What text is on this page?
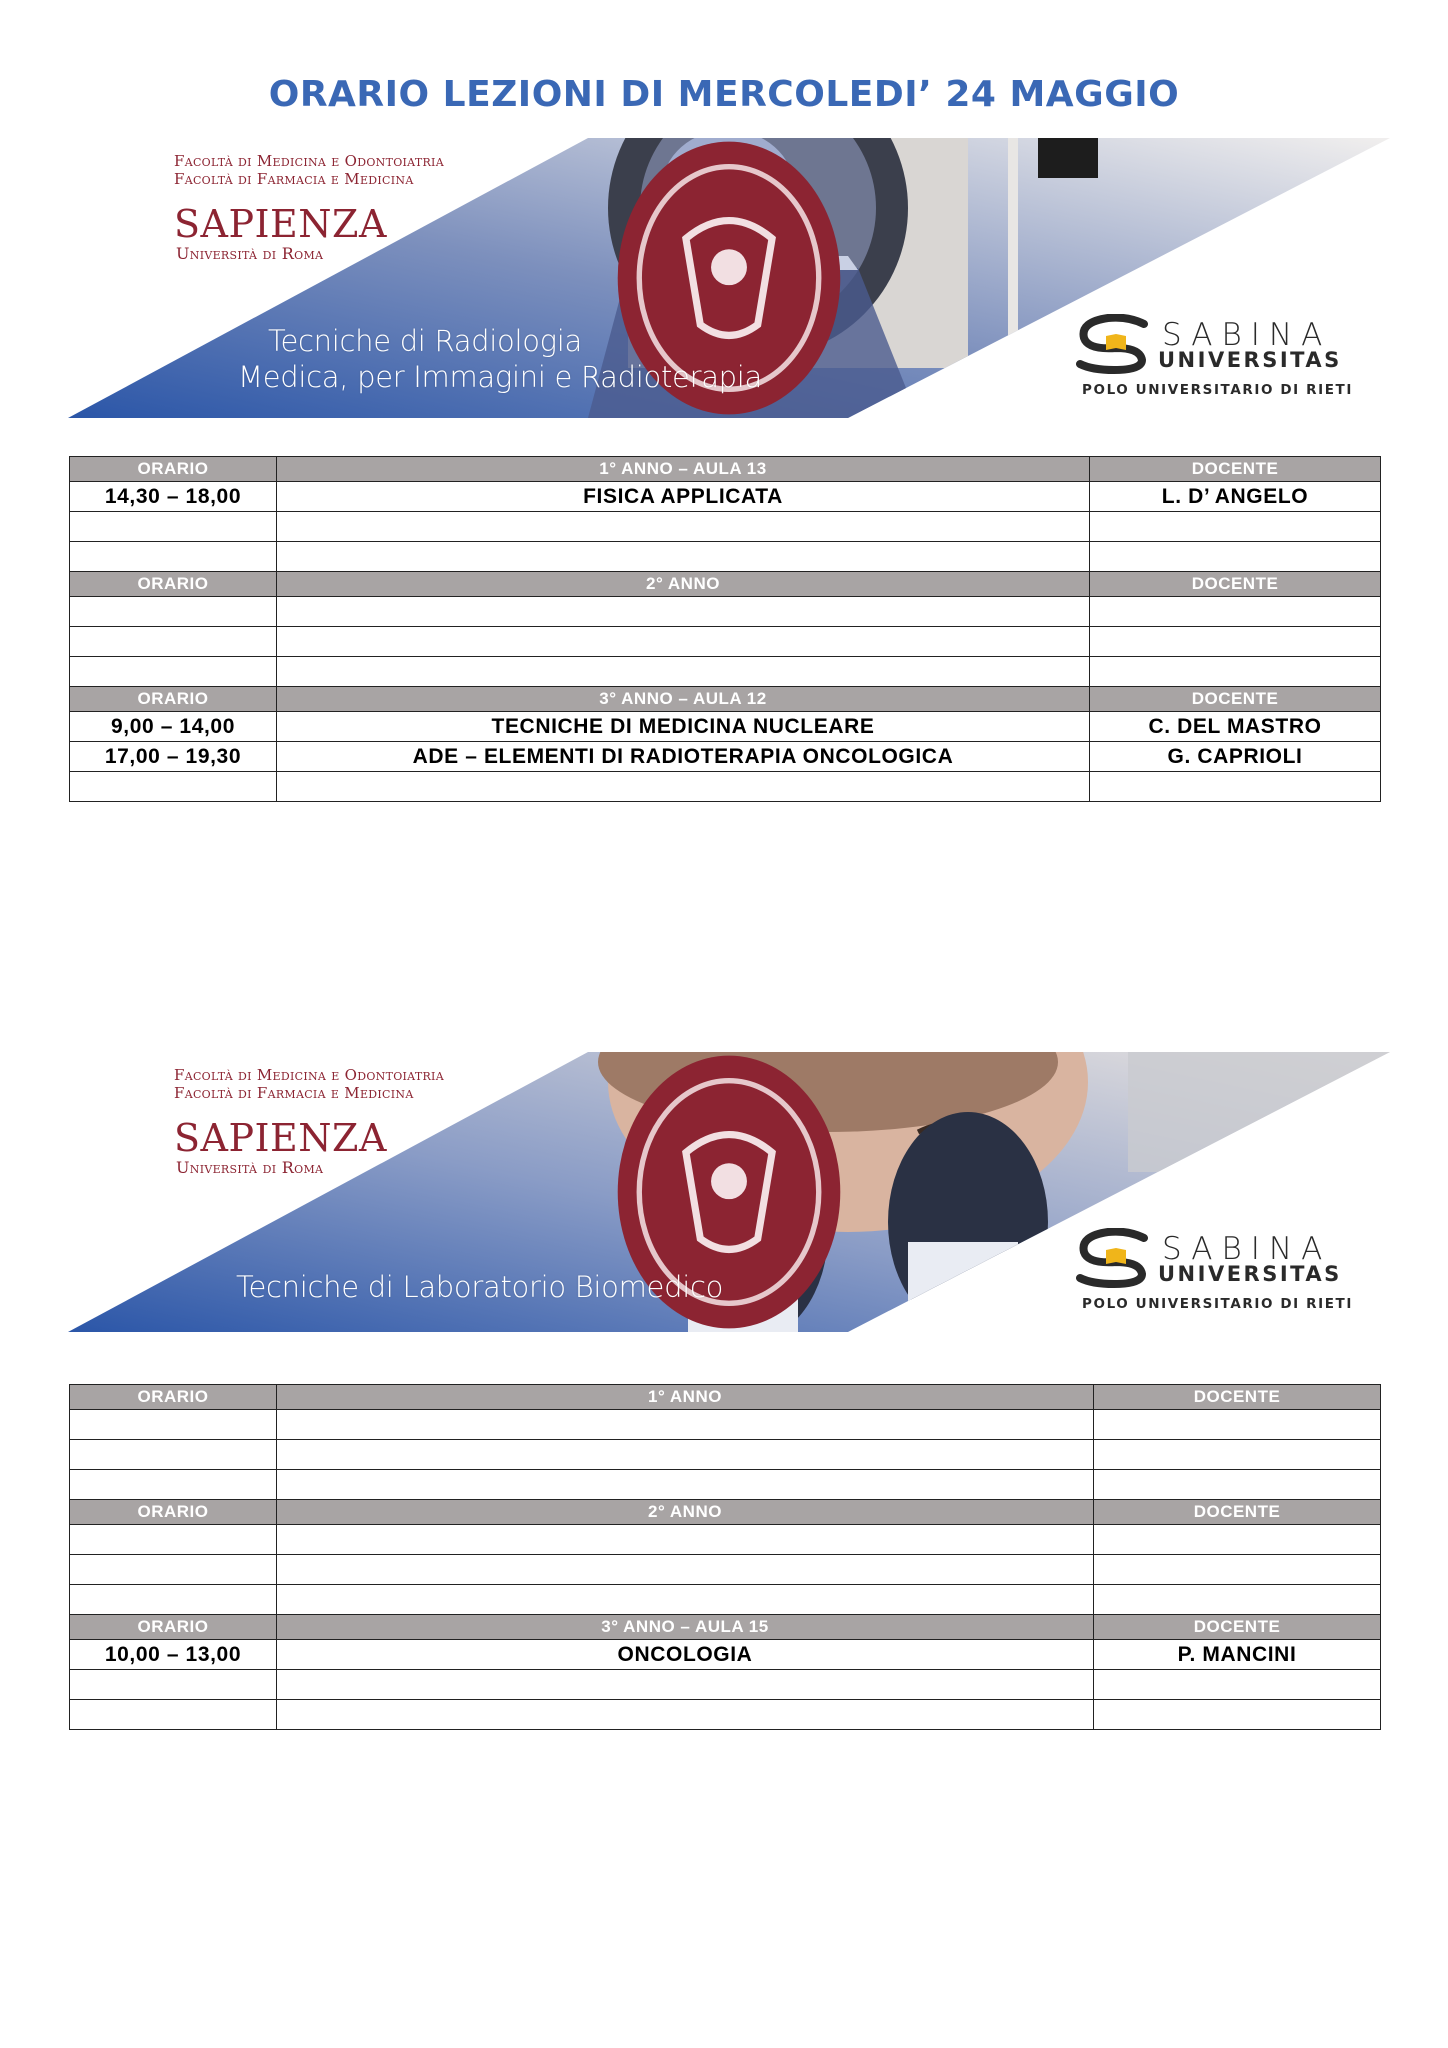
ORARIO LEZIONI DI MERCOLEDI’ 24 MAGGIO
Facoltà di Medicina e Odontoiatria
Facoltà di Farmacia e Medicina
SAPIENZA
Università di Roma
Tecniche di Radiologia
Medica, per Immagini e Radioterapia
SABINA
UNIVERSITAS
POLO UNIVERSITARIO DI RIETI
ORARIO	1° ANNO – AULA 13	DOCENTE
14,30 – 18,00	FISICA APPLICATA	L. D’ ANGELO

ORARIO	2° ANNO	DOCENTE

ORARIO	3° ANNO – AULA 12	DOCENTE
9,00 – 14,00	TECNICHE DI MEDICINA NUCLEARE	C. DEL MASTRO
17,00 – 19,30	ADE – ELEMENTI DI RADIOTERAPIA ONCOLOGICA	G. CAPRIOLI

Facoltà di Medicina e Odontoiatria
Facoltà di Farmacia e Medicina
SAPIENZA
Università di Roma
Tecniche di Laboratorio Biomedico
SABINA
UNIVERSITAS
POLO UNIVERSITARIO DI RIETI
ORARIO	1° ANNO	DOCENTE

ORARIO	2° ANNO	DOCENTE

ORARIO	3° ANNO – AULA 15	DOCENTE
10,00 – 13,00	ONCOLOGIA	P. MANCINI
